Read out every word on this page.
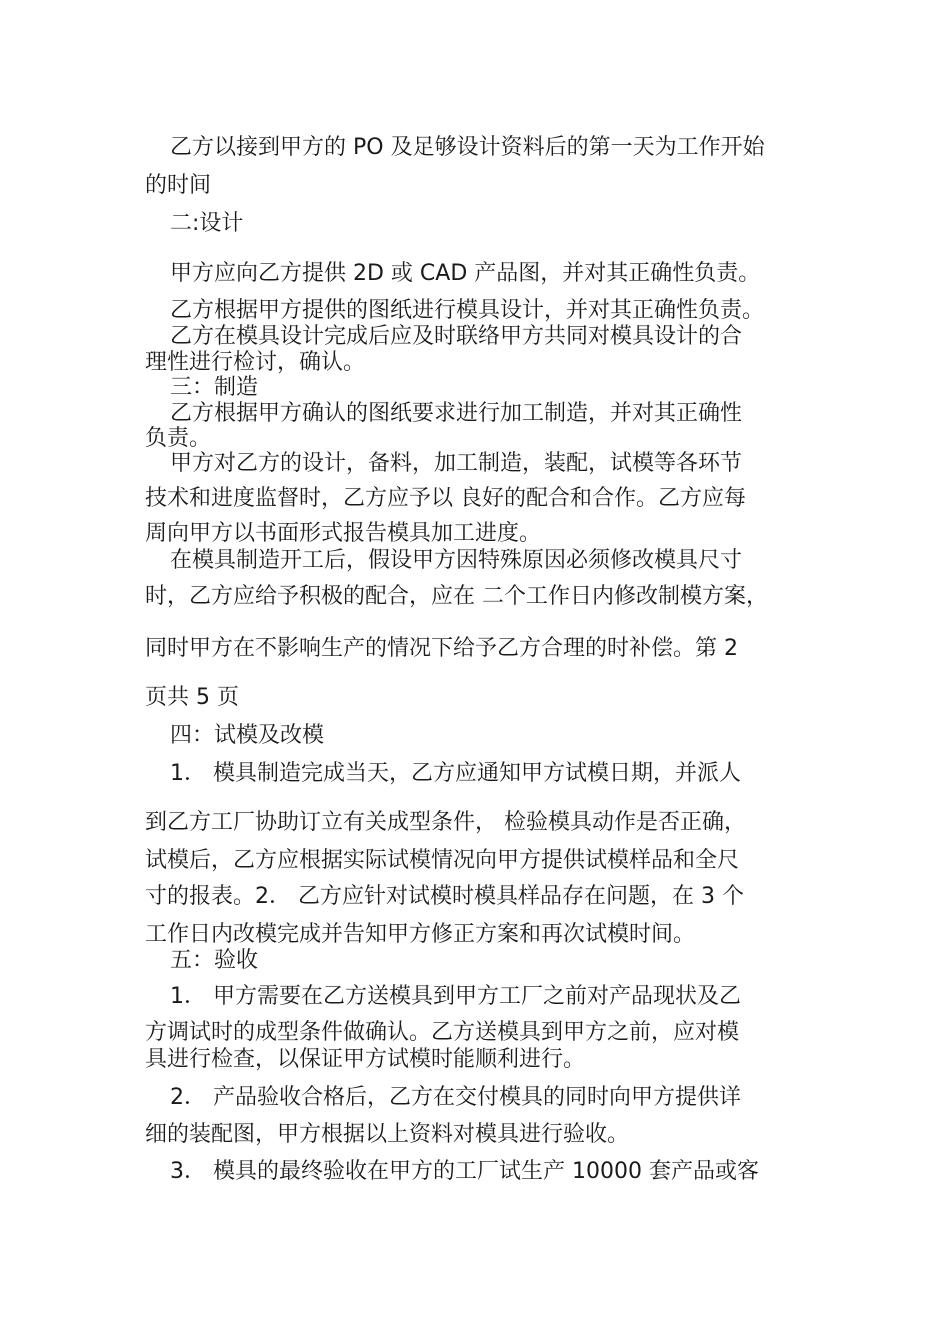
乙方以接到甲方的 PO 及足够设计资料后的第一天为工作开始

的时间

二:设计

甲方应向乙方提供 2D 或 CAD 产品图，并对其正确性负责。

乙方根据甲方提供的图纸进行模具设计，并对其正确性负责。

乙方在模具设计完成后应及时联络甲方共同对模具设计的合

理性进行检讨，确认。

三：制造

乙方根据甲方确认的图纸要求进行加工制造，并对其正确性

负责。

甲方对乙方的设计，备料，加工制造，装配，试模等各环节

技术和进度监督时，乙方应予以 良好的配合和合作。乙方应每

周向甲方以书面形式报告模具加工进度。

在模具制造开工后，假设甲方因特殊原因必须修改模具尺寸

时，乙方应给予积极的配合，应在 二个工作日内修改制模方案，

同时甲方在不影响生产的情况下给予乙方合理的时补偿。第 2

页共 5 页

四：试模及改模

1． 模具制造完成当天，乙方应通知甲方试模日期，并派人

到乙方工厂协助订立有关成型条件， 检验模具动作是否正确，

试模后，乙方应根据实际试模情况向甲方提供试模样品和全尺

寸的报表。2． 乙方应针对试模时模具样品存在问题，在 3 个

工作日内改模完成并告知甲方修正方案和再次试模时间。

五：验收

1． 甲方需要在乙方送模具到甲方工厂之前对产品现状及乙

方调试时的成型条件做确认。乙方送模具到甲方之前，应对模

具进行检查，以保证甲方试模时能顺利进行。

2． 产品验收合格后，乙方在交付模具的同时向甲方提供详

细的装配图，甲方根据以上资料对模具进行验收。

3． 模具的最终验收在甲方的工厂试生产 10000 套产品或客
